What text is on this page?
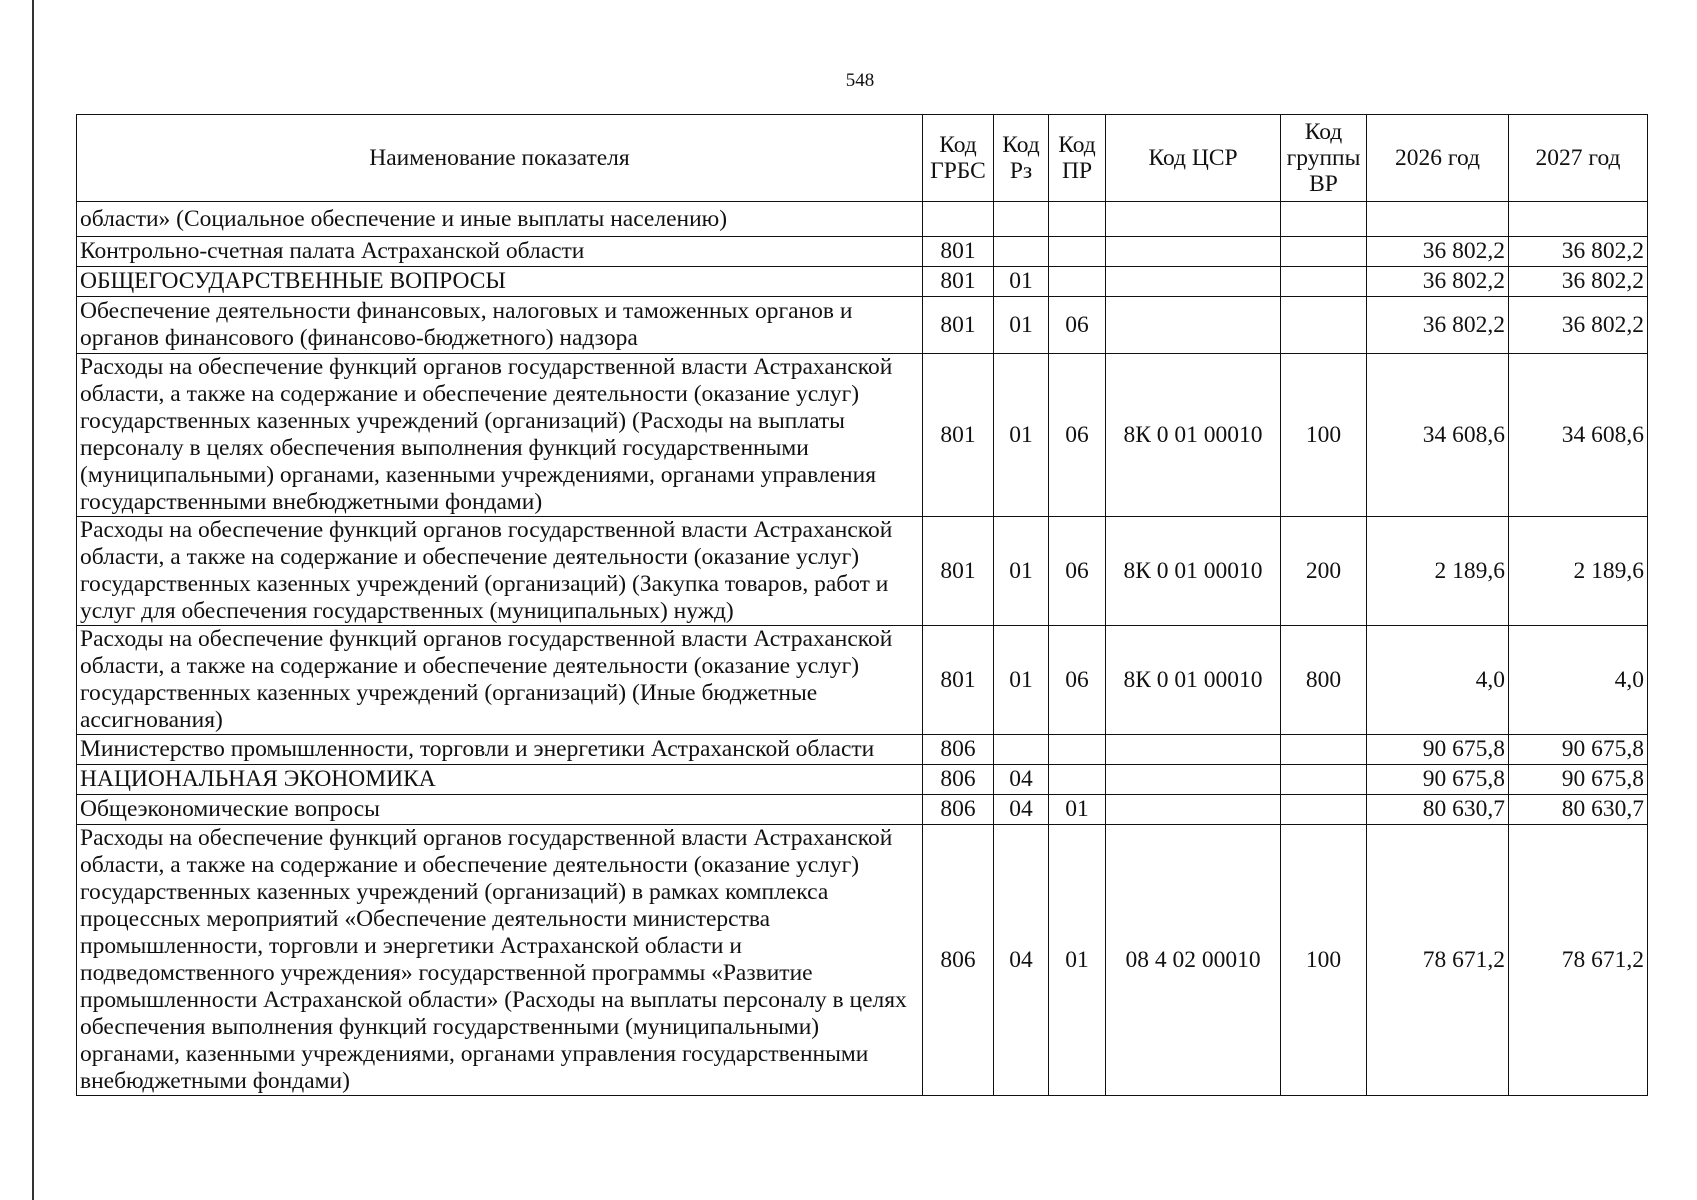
548
Наименование показателя	Код ГРБС	Код Рз	Код ПР	Код ЦСР	Код группы ВР	2026 год	2027 год
области» (Социальное обеспечение и иные выплаты населению)							
Контрольно-счетная палата Астраханской области	801					36 802,2	36 802,2
ОБЩЕГОСУДАРСТВЕННЫЕ ВОПРОСЫ	801	01				36 802,2	36 802,2
Обеспечение деятельности финансовых, налоговых и таможенных органов и органов финансового (финансово-бюджетного) надзора	801	01	06			36 802,2	36 802,2
Расходы на обеспечение функций органов государственной власти Астраханской области, а также на содержание и обеспечение деятельности (оказание услуг) государственных казенных учреждений (организаций) (Расходы на выплаты персоналу в целях обеспечения выполнения функций государственными (муниципальными) органами, казенными учреждениями, органами управления государственными внебюджетными фондами)	801	01	06	8К 0 01 00010	100	34 608,6	34 608,6
Расходы на обеспечение функций органов государственной власти Астраханской области, а также на содержание и обеспечение деятельности (оказание услуг) государственных казенных учреждений (организаций) (Закупка товаров, работ и услуг для обеспечения государственных (муниципальных) нужд)	801	01	06	8К 0 01 00010	200	2 189,6	2 189,6
Расходы на обеспечение функций органов государственной власти Астраханской области, а также на содержание и обеспечение деятельности (оказание услуг) государственных казенных учреждений (организаций) (Иные бюджетные ассигнования)	801	01	06	8К 0 01 00010	800	4,0	4,0
Министерство промышленности, торговли и энергетики Астраханской области	806					90 675,8	90 675,8
НАЦИОНАЛЬНАЯ ЭКОНОМИКА	806	04				90 675,8	90 675,8
Общеэкономические вопросы	806	04	01			80 630,7	80 630,7
Расходы на обеспечение функций органов государственной власти Астраханской области, а также на содержание и обеспечение деятельности (оказание услуг) государственных казенных учреждений (организаций) в рамках комплекса процессных мероприятий «Обеспечение деятельности министерства промышленности, торговли и энергетики Астраханской области и подведомственного учреждения» государственной программы «Развитие промышленности Астраханской области» (Расходы на выплаты персоналу в целях обеспечения выполнения функций государственными (муниципальными) органами, казенными учреждениями, органами управления государственными внебюджетными фондами)	806	04	01	08 4 02 00010	100	78 671,2	78 671,2
